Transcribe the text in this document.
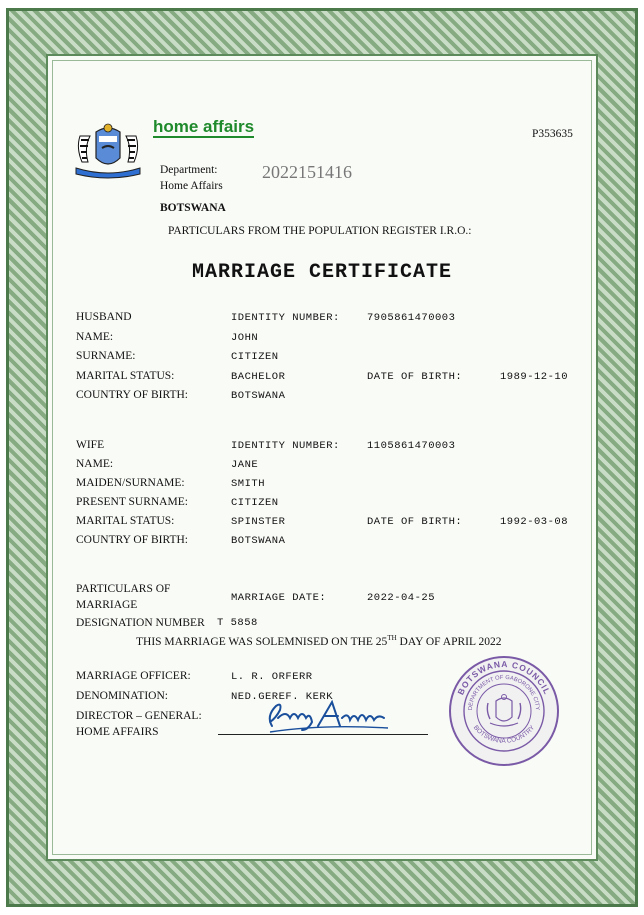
home affairs
Department:
Home Affairs
BOTSWANA
2022151416
P353635
PARTICULARS FROM THE POPULATION REGISTER I.R.O.:
MARRIAGE CERTIFICATE
HUSBAND	IDENTITY NUMBER:	7905861470003
NAME:	JOHN
SURNAME:	CITIZEN
MARITAL STATUS:	BACHELOR	DATE OF BIRTH:	1989-12-10
COUNTRY OF BIRTH:	BOTSWANA
WIFE	IDENTITY NUMBER:	1105861470003
NAME:	JANE
MAIDEN/SURNAME:	SMITH
PRESENT SURNAME:	CITIZEN
MARITAL STATUS:	SPINSTER	DATE OF BIRTH:	1992-03-08
COUNTRY OF BIRTH:	BOTSWANA
PARTICULARS OF
MARRIAGE
MARRIAGE DATE:	2022-04-25
DESIGNATION NUMBER T 5858
THIS MARRIAGE WAS SOLEMNISED ON THE 25TH DAY OF APRIL 2022
MARRIAGE OFFICER:	L. R. ORFERR
DENOMINATION:	NED.GEREF. KERK
DIRECTOR – GENERAL:
HOME AFFAIRS
BOTSWANA COUNCIL
DEPARTMENT OF GABORONE CITY
BOTSWANA COUNTRY
